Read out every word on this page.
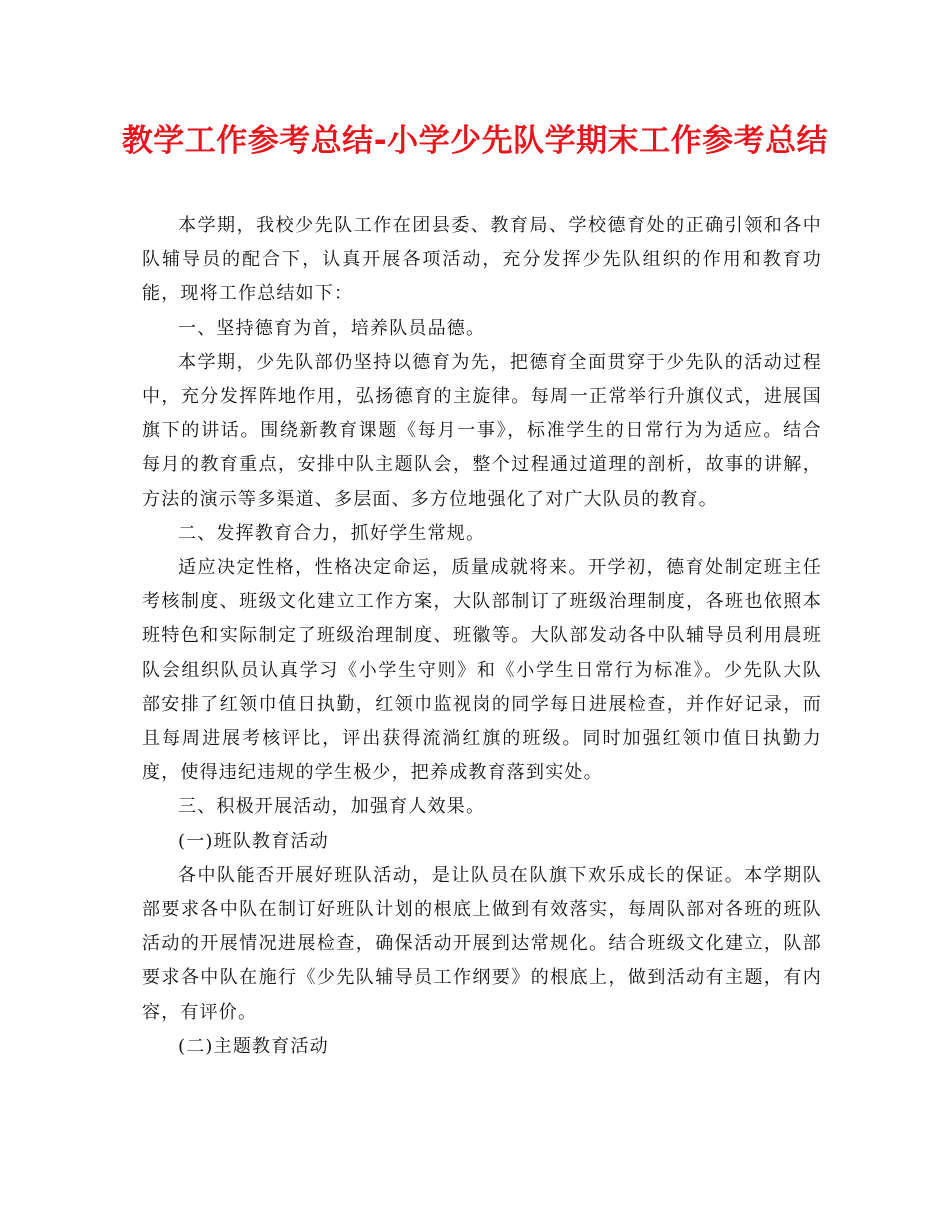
教学工作参考总结-小学少先队学期末工作参考总结

本学期，我校少先队工作在团县委、教育局、学校德育处的正确引领和各中队辅导员的配合下，认真开展各项活动，充分发挥少先队组织的作用和教育功能，现将工作总结如下：

一、坚持德育为首，培养队员品德。

本学期，少先队部仍坚持以德育为先，把德育全面贯穿于少先队的活动过程中，充分发挥阵地作用，弘扬德育的主旋律。每周一正常举行升旗仪式，进展国旗下的讲话。围绕新教育课题《每月一事》，标准学生的日常行为为适应。结合每月的教育重点，安排中队主题队会，整个过程通过道理的剖析，故事的讲解，方法的演示等多渠道、多层面、多方位地强化了对广大队员的教育。

二、发挥教育合力，抓好学生常规。

适应决定性格，性格决定命运，质量成就将来。开学初，德育处制定班主任考核制度、班级文化建立工作方案，大队部制订了班级治理制度，各班也依照本班特色和实际制定了班级治理制度、班徽等。大队部发动各中队辅导员利用晨班队会组织队员认真学习《小学生守则》和《小学生日常行为标准》。少先队大队部安排了红领巾值日执勤，红领巾监视岗的同学每日进展检查，并作好记录，而且每周进展考核评比，评出获得流淌红旗的班级。同时加强红领巾值日执勤力度，使得违纪违规的学生极少，把养成教育落到实处。

三、积极开展活动，加强育人效果。

(一)班队教育活动

各中队能否开展好班队活动，是让队员在队旗下欢乐成长的保证。本学期队部要求各中队在制订好班队计划的根底上做到有效落实，每周队部对各班的班队活动的开展情况进展检查，确保活动开展到达常规化。结合班级文化建立，队部要求各中队在施行《少先队辅导员工作纲要》的根底上，做到活动有主题，有内容，有评价。

(二)主题教育活动
